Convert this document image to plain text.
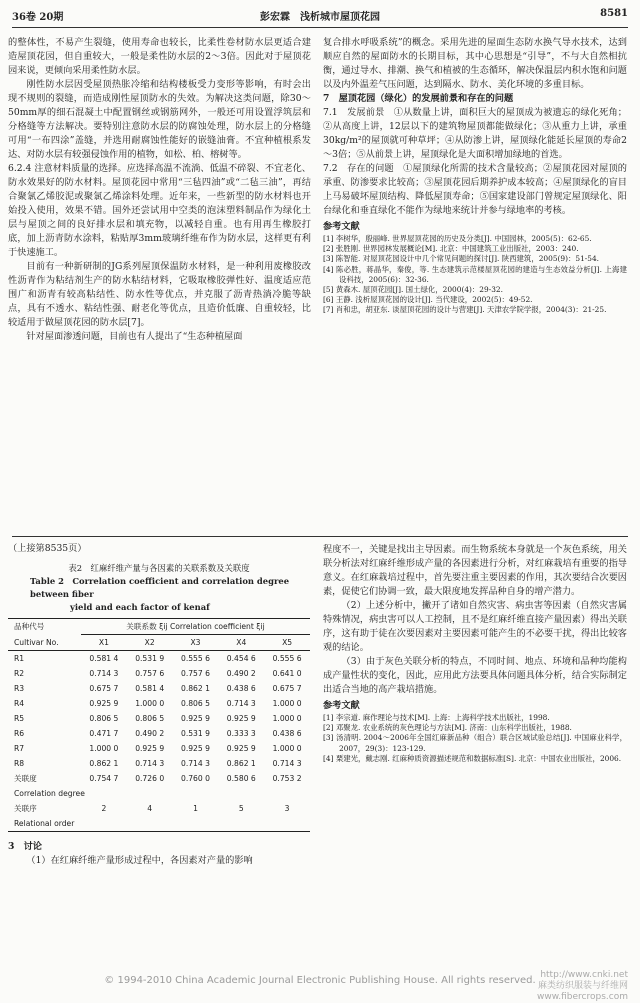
36卷 20期	彭宏霖　浅析城市屋顶花园	8581

的整体性，不易产生裂缝，使用寿命也较长，比柔性卷材防水层更适合建造屋顶花园，但自重较大，一般是柔性防水层的2～3倍。因此对于屋顶花园来说，更倾向采用柔性防水层。

刚性防水层因受屋顶热胀冷缩和结构楼板受力变形等影响，有时会出现不规则的裂缝，而造成刚性屋顶防水的失效。为解决这类问题，除30～50mm厚的细石混凝土中配置钢丝或钢筋网外，一般还可用设置浮筑层和分格缝等方法解决。要特别注意防水层的防腐蚀处理，防水层上的分格缝可用“一布四涂”盖缝，并选用耐腐蚀性能好的嵌缝油膏。不宜种植根系发达、对防水层有较强侵蚀作用的植物，如松、柏、榕树等。

6.2.4 注意材料质量的选择。应选择高温不流淌、低温不碎裂、不宜老化、防水效果好的防水材料。屋顶花园中常用“三毡四油”或“二毡三油”，再结合聚氯乙烯胶泥或聚氯乙烯涂料处理。近年来，一些新型的防水材料也开始投入使用，效果不错。国外还尝试用中空类的泡沫塑料制品作为绿化土层与屋顶之间的良好排水层和填充物，以减轻自重。也有用再生橡胶打底，加上沥青防水涂料，粘贴厚3mm玻璃纤维布作为防水层，这样更有利于快速施工。

目前有一种新研制的JG系列屋顶保温防水材料，是一种利用废橡胶改性沥青作为粘结剂生产的防水粘结材料，它吸取橡胶弹性好、温度适应范围广和沥青有较高粘结性、防水性等优点，并克服了沥青热淌冷脆等缺点，具有不透水、粘结性强、耐老化等优点，且造价低廉、自重较轻，比较适用于做屋顶花园的防水层[7]。

针对屋面渗透问题，目前也有人提出了“生态种植屋面

复合排水呼吸系统”的概念。采用先进的屋面生态防水换气导水技术，达到顺应自然的屋面防水的长期目标，其中心思想是“引导”，不与大自然相抗衡，通过导水、排潮、换气和植被的生态循环，解决保温层内积水饱和问题以及内外温差气压问题，达到隔水、防水、美化环境的多重目标。

7　屋顶花园（绿化）的发展前景和存在的问题

7.1　发展前景　①从数量上讲，面积巨大的屋顶成为被遗忘的绿化死角；②从高度上讲，12层以下的建筑物屋顶都能做绿化；③从重力上讲，承重30kg/m²的屋顶就可种草坪；④从防渗上讲，屋顶绿化能延长屋顶的寿命2～3倍；⑤从前景上讲，屋顶绿化是大面积增加绿地的首选。

7.2　存在的问题　①屋顶绿化所需的技术含量较高；②屋顶花园对屋顶的承重、防渗要求比较高；③屋顶花园后期养护成本较高；④屋顶绿化的盲目上马易破坏屋顶结构、降低屋顶寿命；⑤国家建设部门曾规定屋顶绿化、阳台绿化和垂直绿化不能作为绿地来统计并参与绿地率的考核。

参考文献

[1] 李树华，殷丽峰. 世界屋顶花园的历史及分类[J]. 中国园林，2005(5)：62-65.

[2] 张胜刚. 世界园林发展概论[M]. 北京：中国建筑工业出版社，2003：240.

[3] 陈智能. 对屋顶花园设计中几个常见问题的探讨[J]. 陕西建筑，2005(9)：51-54.

[4] 陈必胜，蒋晶华，秦俊，等. 生态建筑示范楼屋顶花园的建造与生态效益分析[J]. 上海建设科技，2005(6)：32-36.

[5] 黄森木. 屋顶花园[J]. 国土绿化，2000(4)：29-32.

[6] 王静. 浅析屋顶花园的设计[J]. 当代建设，2002(5)：49-52.

[7] 肖和忠，胡亚东. 谈屋顶花园的设计与营建[J]. 天津农学院学报，2004(3)：21-25.

（上接第8535页）
表2　红麻纤维产量与各因素的关联系数及关联度
Table 2　Correlation coefficient and correlation degree between fiber
yield and each factor of kenaf
品种代号	关联系数 ξij Correlation coefficient ξij				
Cultivar No.	X1	X2	X3	X4	X5
R1	0.581 4	0.531 9	0.555 6	0.454 6	0.555 6
R2	0.714 3	0.757 6	0.757 6	0.490 2	0.641 0
R3	0.675 7	0.581 4	0.862 1	0.438 6	0.675 7
R4	0.925 9	1.000 0	0.806 5	0.714 3	1.000 0
R5	0.806 5	0.806 5	0.925 9	0.925 9	1.000 0
R6	0.471 7	0.490 2	0.531 9	0.333 3	0.438 6
R7	1.000 0	0.925 9	0.925 9	0.925 9	1.000 0
R8	0.862 1	0.714 3	0.714 3	0.862 1	0.714 3
关联度	0.754 7	0.726 0	0.760 0	0.580 6	0.753 2
Correlation degree					
关联序	2	4	1	5	3
Relational order					

3　讨论

（1）在红麻纤维产量形成过程中，各因素对产量的影响

程度不一，关键是找出主导因素。而生物系统本身就是一个灰色系统，用关联分析法对红麻纤维形成产量的各因素进行分析，对红麻栽培有重要的指导意义。在红麻栽培过程中，首先要注重主要因素的作用，其次要结合次要因素，促使它们协调一致，最大限度地发挥品种自身的增产潜力。

（2）上述分析中，撇开了诸如自然灾害、病虫害等因素（自然灾害属特殊情况，病虫害可以人工控制，且不是红麻纤维直接产量因素）得出关联序，这有助于徒在次要因素对主要因素可能产生的不必要干扰，得出比较客观的结论。

（3）由于灰色关联分析的特点，不同时间、地点、环境和品种均能构成产量性状的变化，因此，应用此方法要具体问题具体分析，结合实际制定出适合当地的高产栽培措施。

参考文献

[1] 李宗道. 麻作理论与技术[M]. 上海：上海科学技术出版社，1998.

[2] 邓聚龙. 农业系统的灰色理论与方法[M]. 济南：山东科学出版社，1988.

[3] 汤清明. 2004～2006年全国红麻新品种（组合）联合区域试验总结[J]. 中国麻业科学，2007，29(3)：123-129.

[4] 栗建光，戴志刚. 红麻种质资源描述规范和数据标准[S]. 北京：中国农业出版社，2006.

© 1994-2010 China Academic Journal Electronic Publishing House. All rights reserved. http://www.cnki.net
麻类纺织服装与纤维网
www.fibercrops.com
